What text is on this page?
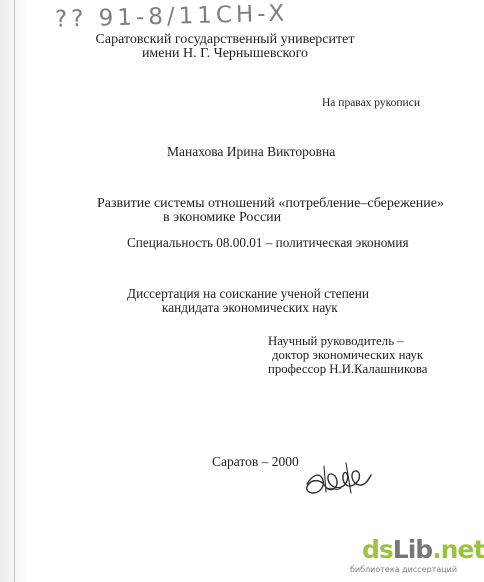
?? 91-8/11CH-X
Саратовский государственный университет
имени Н. Г. Чернышевского
На правах рукописи
Манахова Ирина Викторовна
Развитие системы отношений «потребление–сбережение»
в экономике России
Специальность 08.00.01 – политическая экономия
Диссертация на соискание ученой степени
кандидата экономических наук
Научный руководитель –
доктор экономических наук
профессор Н.И.Калашникова
Саратов – 2000
dsLib.net
библиотека диссертаций
